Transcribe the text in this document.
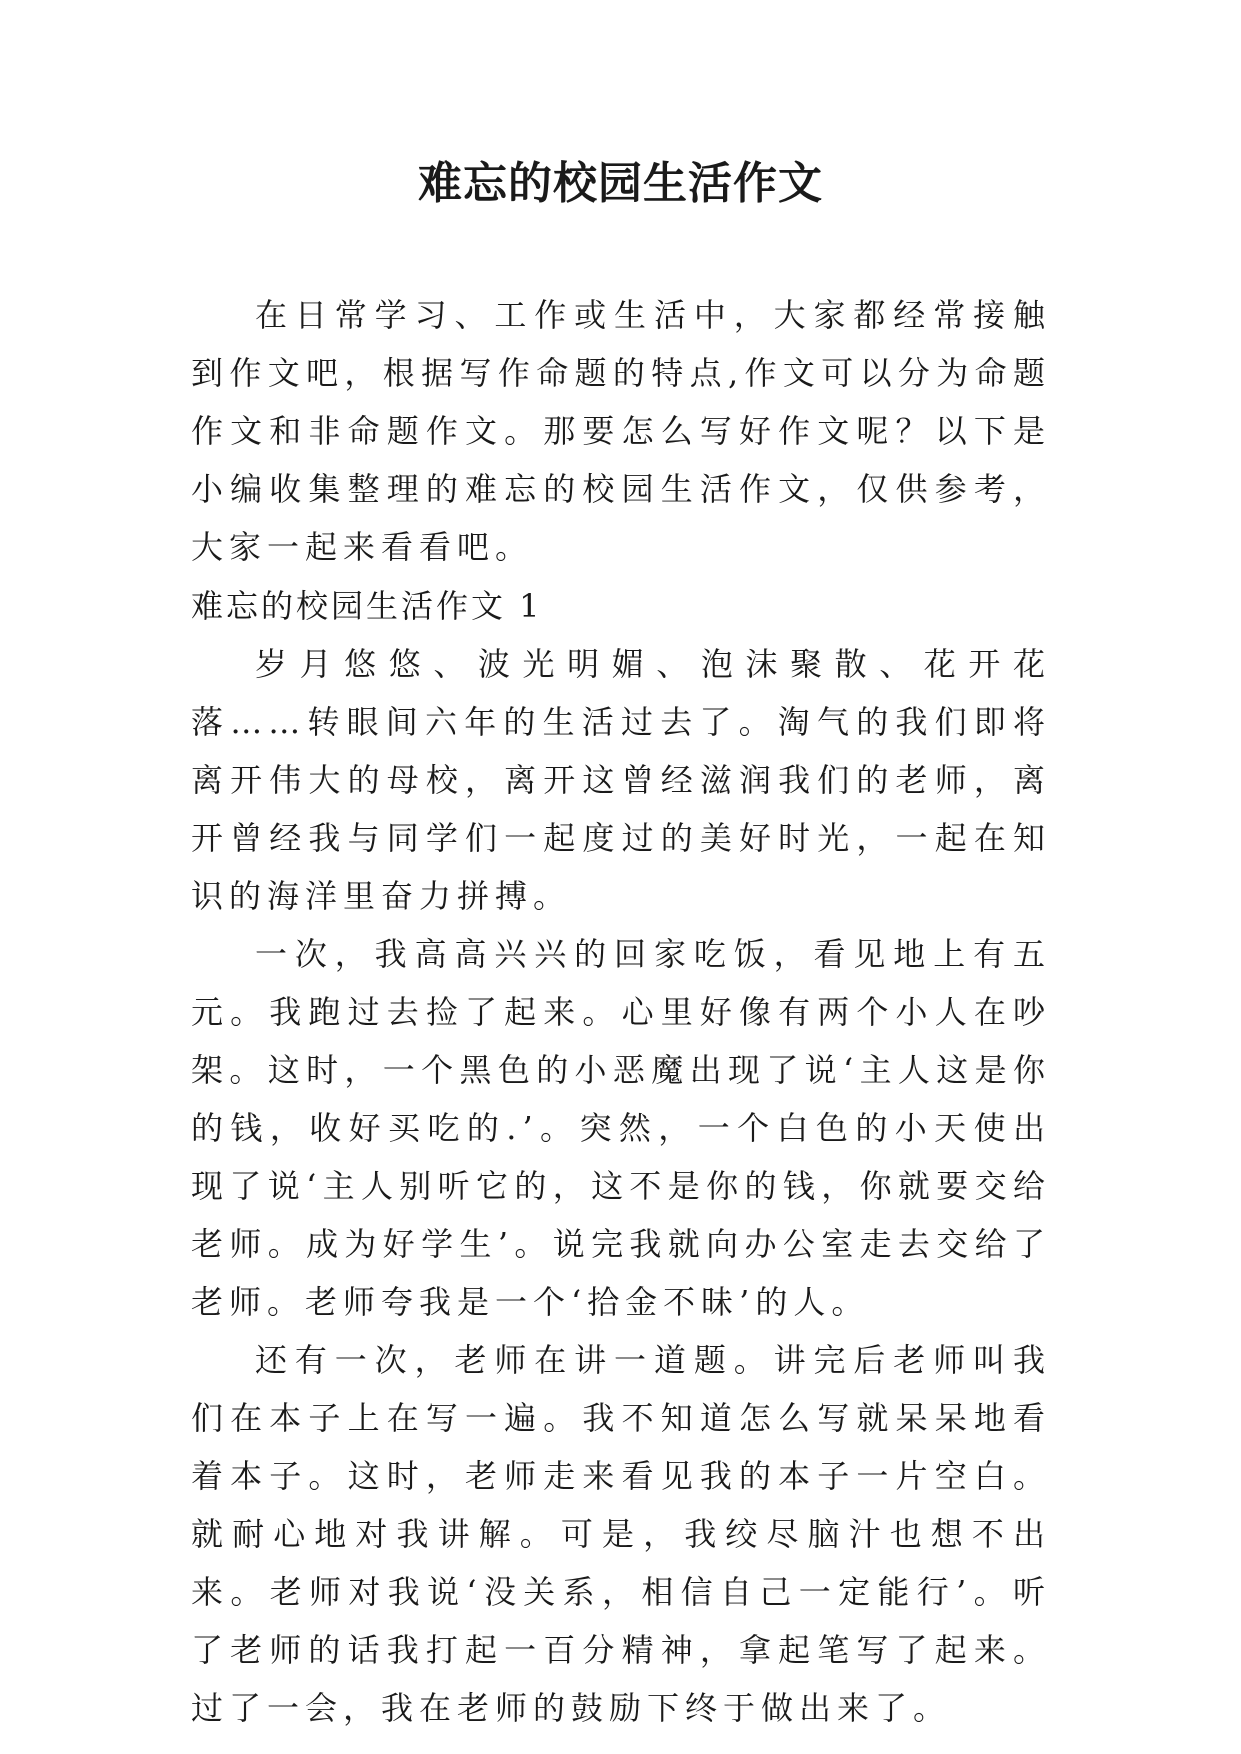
难忘的校园生活作文

在日常学习、工作或生活中，大家都经常接触到作文吧，根据写作命题的特点,作文可以分为命题作文和非命题作文。那要怎么写好作文呢？以下是小编收集整理的难忘的校园生活作文，仅供参考，大家一起来看看吧。

难忘的校园生活作文 1

岁月悠悠、波光明媚、泡沫聚散、花开花落……转眼间六年的生活过去了。淘气的我们即将离开伟大的母校，离开这曾经滋润我们的老师，离开曾经我与同学们一起度过的美好时光，一起在知识的海洋里奋力拼搏。

一次，我高高兴兴的回家吃饭，看见地上有五元。我跑过去捡了起来。心里好像有两个小人在吵架。这时，一个黑色的小恶魔出现了说‘主人这是你的钱，收好买吃的.’。突然，一个白色的小天使出现了说‘主人别听它的，这不是你的钱，你就要交给老师。成为好学生’。说完我就向办公室走去交给了老师。老师夸我是一个‘拾金不昧’的人。

还有一次，老师在讲一道题。讲完后老师叫我们在本子上在写一遍。我不知道怎么写就呆呆地看着本子。这时，老师走来看见我的本子一片空白。就耐心地对我讲解。可是，我绞尽脑汁也想不出来。老师对我说‘没关系，相信自己一定能行’。听了老师的话我打起一百分精神，拿起笔写了起来。过了一会，我在老师的鼓励下终于做出来了。
